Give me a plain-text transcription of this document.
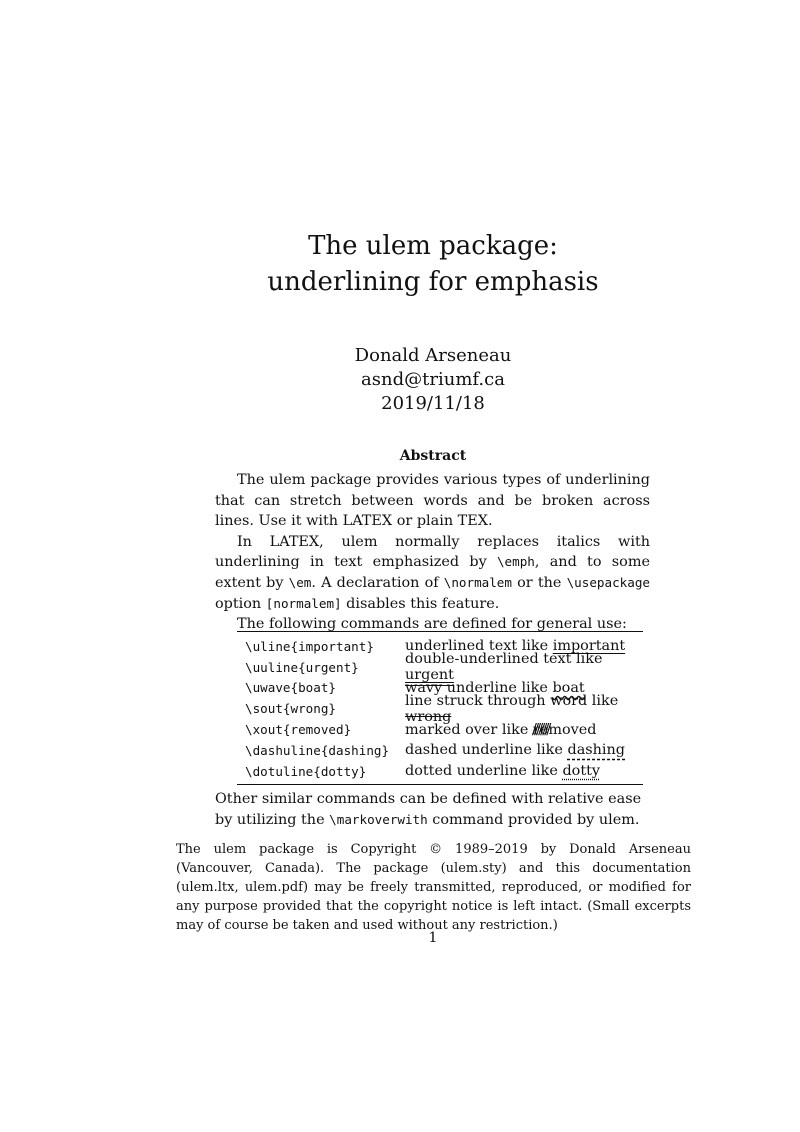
The ulem package:
underlining for emphasis
Donald Arseneau
asnd@triumf.ca
2019/11/18
Abstract

The ulem package provides various types of underlining that can stretch between words and be broken across lines. Use it with LATEX or plain TEX.

In LATEX, ulem normally replaces italics with underlining in text emphasized by \emph, and to some extent by \em. A declaration of \normalem or the \usepackage option [normalem] disables this feature.

The following commands are defined for general use:

\uline{important}	underlined text like important
\uuline{urgent}	double-underlined text like urgent
\uwave{boat}	wavy underline like boat
\sout{wrong}	line struck through word like wrong
\xout{removed}	marked over like removed ////////
\dashuline{dashing}	dashed underline like dashing
\dotuline{dotty}	dotted underline like dotty
Other similar commands can be defined with relative ease by utilizing the \markoverwith command provided by ulem.
The ulem package is Copyright © 1989–2019 by Donald Arseneau (Vancouver, Canada). The package (ulem.sty) and this documentation (ulem.ltx, ulem.pdf) may be freely transmitted, reproduced, or modified for any purpose provided that the copyright notice is left intact. (Small excerpts may of course be taken and used without any restriction.)
1
